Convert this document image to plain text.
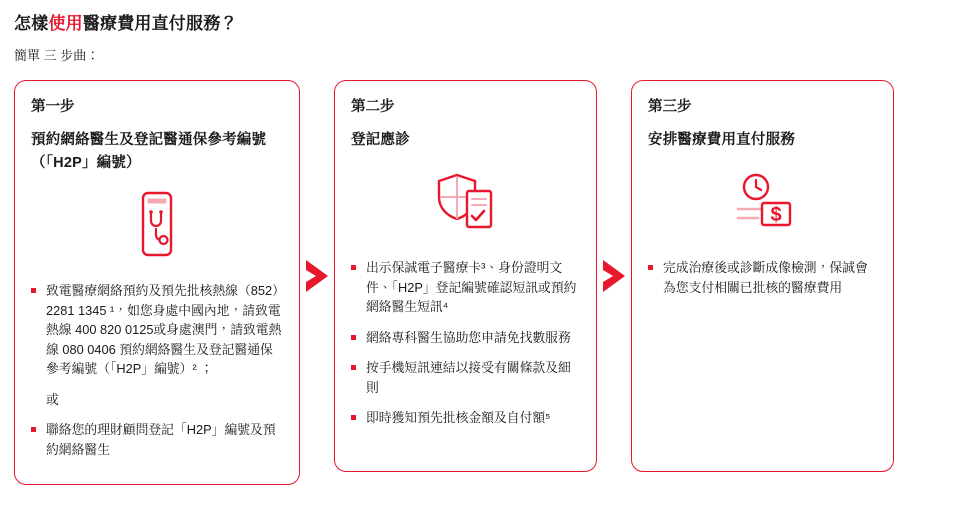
怎樣使用醫療費用直付服務？
簡單 三 步曲：
第一步
預約網絡醫生及登記醫通保參考編號（「H2P」編號）
致電醫療網絡預約及預先批核熱線（852）2281 1345 ¹，如您身處中國內地，請致電熱線 400 820 0125或身處澳門，請致電熱線 080 0406 預約網絡醫生及登記醫通保參考編號（「H2P」編號）² ；
或
聯絡您的理財顧問登記「H2P」編號及預約網絡醫生
第二步
登記應診
出示保誠電子醫療卡³、身份證明文件、「H2P」登記編號確認短訊或預約網絡醫生短訊⁴
網絡專科醫生協助您申請免找數服務
按手機短訊連結以接受有關條款及細則
即時獲知預先批核金額及自付額⁵
第三步
安排醫療費用直付服務
$
完成治療後或診斷成像檢測，保誠會為您支付相關已批核的醫療費用
